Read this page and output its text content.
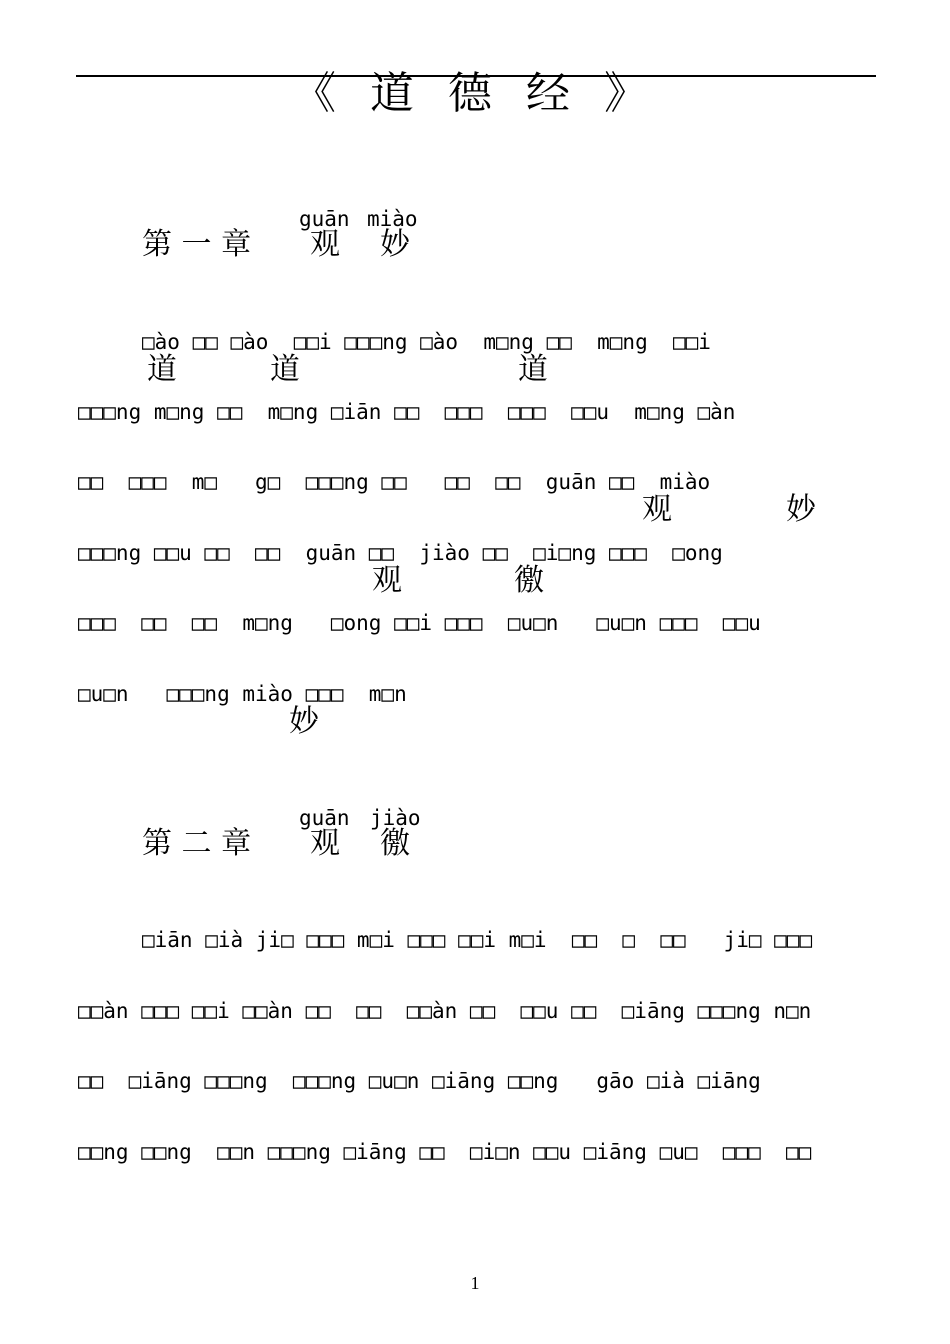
《 道 德 经 》
guān miào
第 一 章 观 妙
□ào □□ □ào  □□i □□□ng □ào  m□ng □□  m□ng  □□i
道	道	道
□□□ng m□ng □□  m□ng □iān □□  □□□  □□□  □□u  m□ng □àn
□□  □□□  m□   g□  □□□ng □□   □□  □□  guān □□  miào
观	妙
□□□ng □□u □□  □□  guān □□  jiào □□  □i□ng □□□  □ong
观	徼
□□□  □□  □□  m□ng   □ong □□i □□□  □u□n   □u□n □□□  □□u
□u□n   □□□ng miào □□□  m□n
妙
guān jiào
第 二 章 观 徼
□iān □ià ji□ □□□ m□i □□□ □□i m□i  □□  □  □□   ji□ □□□
□□àn □□□ □□i □□àn □□  □□  □□àn □□  □□u □□  □iāng □□□ng n□n
□□  □iāng □□□ng  □□□ng □u□n □iāng □□ng   gāo □ià □iāng
□□ng □□ng  □□n □□□ng □iāng □□  □i□n □□u □iāng □u□  □□□  □□
1
